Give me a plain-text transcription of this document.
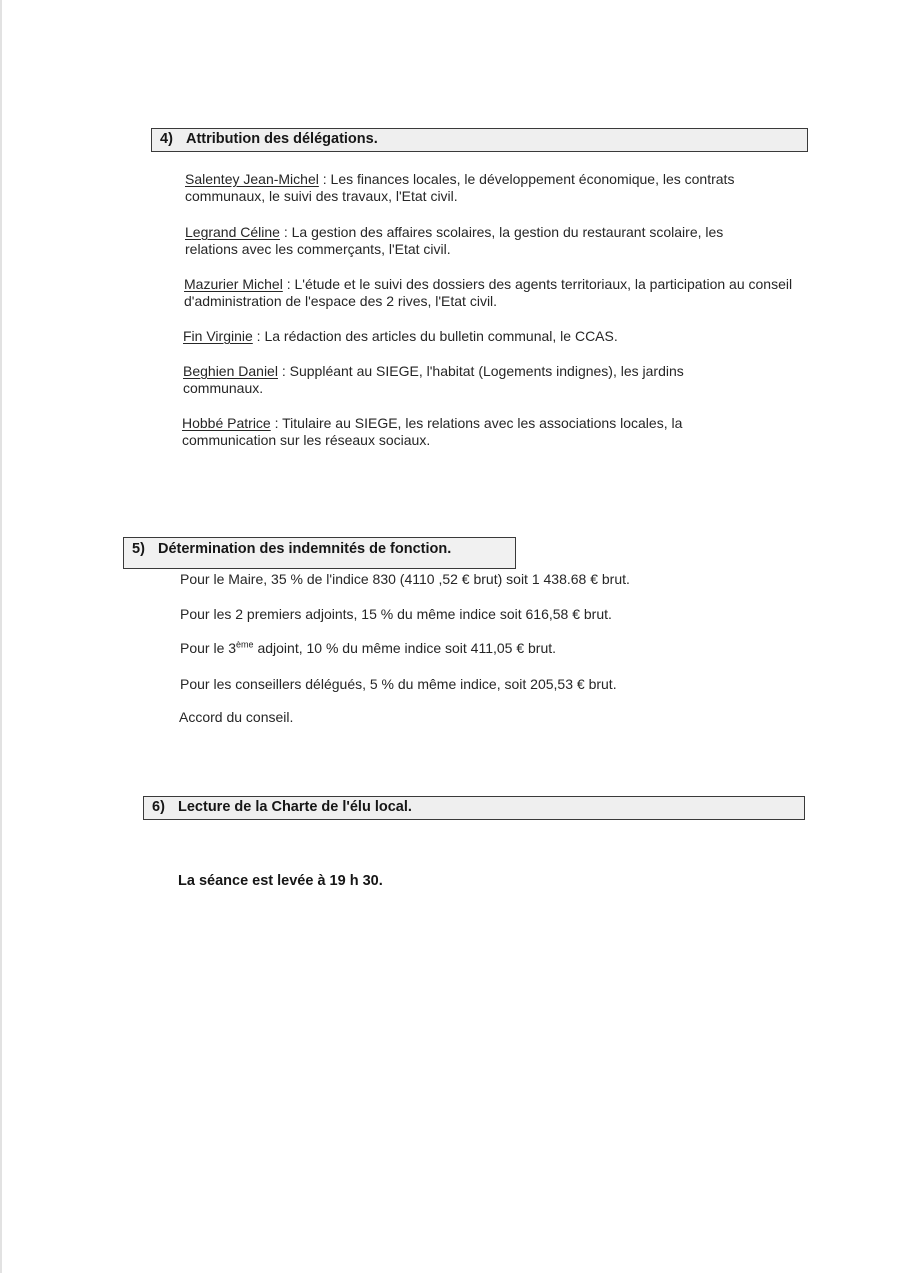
4) Attribution des délégations.
Salentey Jean-Michel : Les finances locales, le développement économique, les contrats communaux, le suivi des travaux, l'Etat civil.
Legrand Céline : La gestion des affaires scolaires, la gestion du restaurant scolaire, les relations avec les commerçants, l'Etat civil.
Mazurier Michel : L'étude et le suivi des dossiers des agents territoriaux, la participation au conseil d'administration de l'espace des 2 rives, l'Etat civil.
Fin Virginie : La rédaction des articles du bulletin communal, le CCAS.
Beghien Daniel : Suppléant au SIEGE, l'habitat (Logements indignes), les jardins communaux.
Hobbé Patrice : Titulaire au SIEGE, les relations avec les associations locales, la communication sur les réseaux sociaux.
5) Détermination des indemnités de fonction.
Pour le Maire, 35 % de l'indice 830 (4110 ,52 € brut) soit 1 438.68 € brut.
Pour les 2 premiers adjoints, 15 % du même indice soit 616,58 € brut.
Pour le 3ème adjoint, 10 % du même indice soit 411,05 € brut.
Pour les conseillers délégués, 5 % du même indice, soit 205,53 € brut.
Accord du conseil.
6) Lecture de la Charte de l'élu local.
La séance est levée à 19 h 30.
